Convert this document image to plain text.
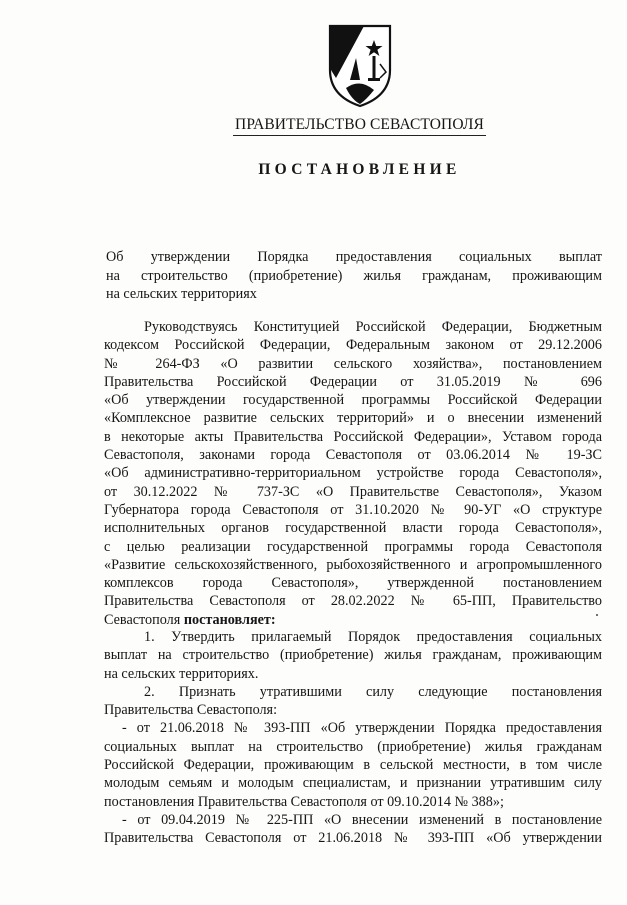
ПРАВИТЕЛЬСТВО СЕВАСТОПОЛЯ
ПОСТАНОВЛЕНИЕ
Об утверждении Порядка предоставления социальных выплат
на строительство (приобретение) жилья гражданам, проживающим
на сельских территориях
Руководствуясь Конституцией Российской Федерации, Бюджетным
кодексом Российской Федерации, Федеральным законом от 29.12.2006
№ 264-ФЗ «О развитии сельского хозяйства», постановлением
Правительства Российской Федерации от 31.05.2019 № 696
«Об утверждении государственной программы Российской Федерации
«Комплексное развитие сельских территорий» и о внесении изменений
в некоторые акты Правительства Российской Федерации», Уставом города
Севастополя, законами города Севастополя от 03.06.2014 № 19-ЗС
«Об административно-территориальном устройстве города Севастополя»,
от 30.12.2022 № 737-ЗС «О Правительстве Севастополя», Указом
Губернатора города Севастополя от 31.10.2020 № 90-УГ «О структуре
исполнительных органов государственной власти города Севастополя»,
с целью реализации государственной программы города Севастополя
«Развитие сельскохозяйственного, рыбохозяйственного и агропромышленного
комплексов города Севастополя», утвержденной постановлением
Правительства Севастополя от 28.02.2022 № 65-ПП, Правительство
Севастополя постановляет:
1. Утвердить прилагаемый Порядок предоставления социальных
выплат на строительство (приобретение) жилья гражданам, проживающим
на сельских территориях.
2. Признать утратившими силу следующие постановления
Правительства Севастополя:
- от 21.06.2018 № 393-ПП «Об утверждении Порядка предоставления
социальных выплат на строительство (приобретение) жилья гражданам
Российской Федерации, проживающим в сельской местности, в том числе
молодым семьям и молодым специалистам, и признании утратившим силу
постановления Правительства Севастополя от 09.10.2014 № 388»;
- от 09.04.2019 № 225-ПП «О внесении изменений в постановление
Правительства Севастополя от 21.06.2018 № 393-ПП «Об утверждении
